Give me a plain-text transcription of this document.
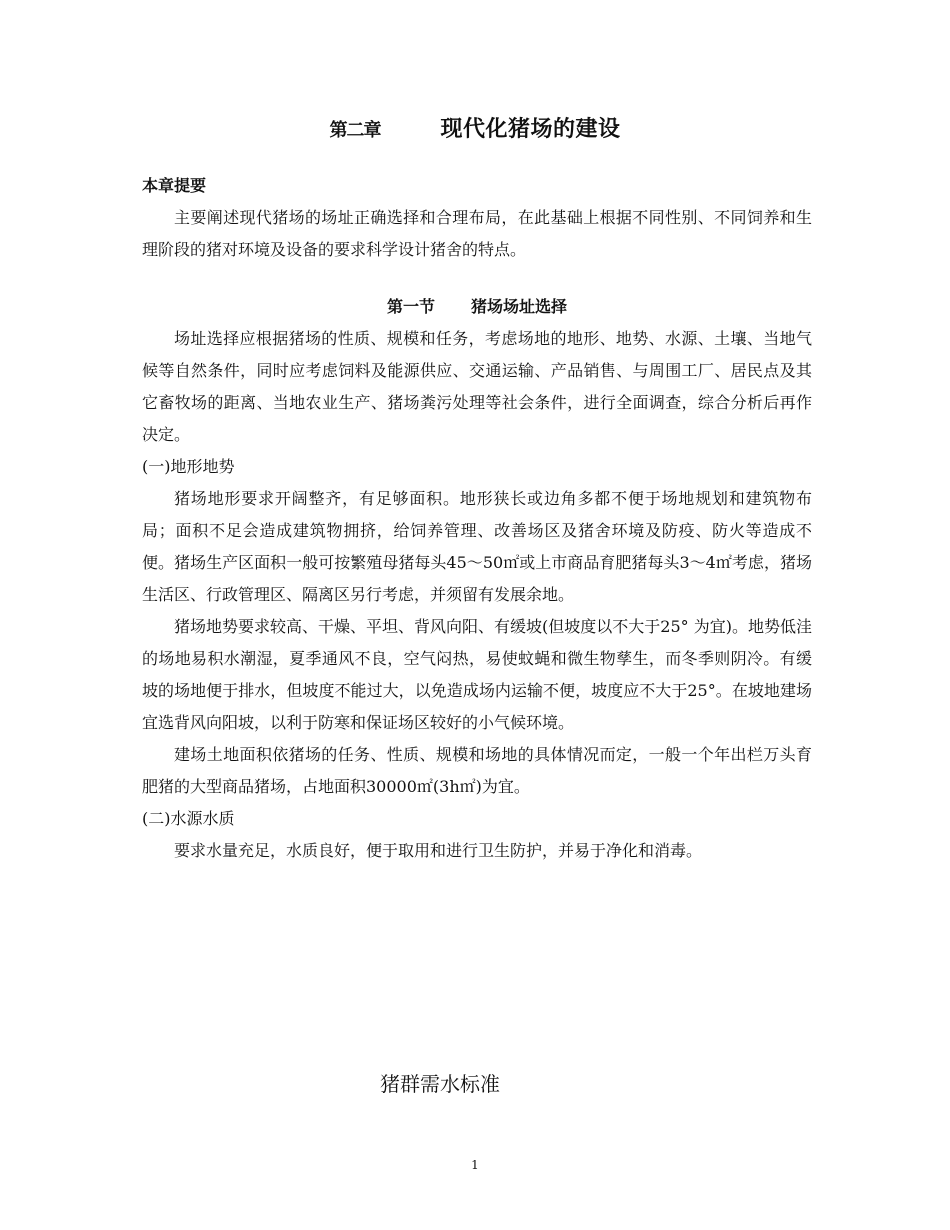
第二章	现代化猪场的建设
本章提要

主要阐述现代猪场的场址正确选择和合理布局，在此基础上根据不同性别、不同饲养和生理阶段的猪对环境及设备的要求科学设计猪舍的特点。

第一节 猪场场址选择

场址选择应根据猪场的性质、规模和任务，考虑场地的地形、地势、水源、土壤、当地气候等自然条件，同时应考虑饲料及能源供应、交通运输、产品销售、与周围工厂、居民点及其它畜牧场的距离、当地农业生产、猪场粪污处理等社会条件，进行全面调查，综合分析后再作决定。

(一)地形地势

猪场地形要求开阔整齐，有足够面积。地形狭长或边角多都不便于场地规划和建筑物布局；面积不足会造成建筑物拥挤，给饲养管理、改善场区及猪舍环境及防疫、防火等造成不便。猪场生产区面积一般可按繁殖母猪每头45～50㎡或上市商品育肥猪每头3～4㎡考虑，猪场生活区、行政管理区、隔离区另行考虑，并须留有发展余地。

猪场地势要求较高、干燥、平坦、背风向阳、有缓坡(但坡度以不大于25° 为宜)。地势低洼的场地易积水潮湿，夏季通风不良，空气闷热，易使蚊蝇和微生物孳生，而冬季则阴冷。有缓坡的场地便于排水，但坡度不能过大，以免造成场内运输不便，坡度应不大于25°。在坡地建场宜选背风向阳坡，以利于防寒和保证场区较好的小气候环境。

建场土地面积依猪场的任务、性质、规模和场地的具体情况而定，一般一个年出栏万头育肥猪的大型商品猪场，占地面积30000㎡(3h㎡)为宜。

(二)水源水质

要求水量充足，水质良好，便于取用和进行卫生防护，并易于净化和消毒。

猪群需水标准
1
